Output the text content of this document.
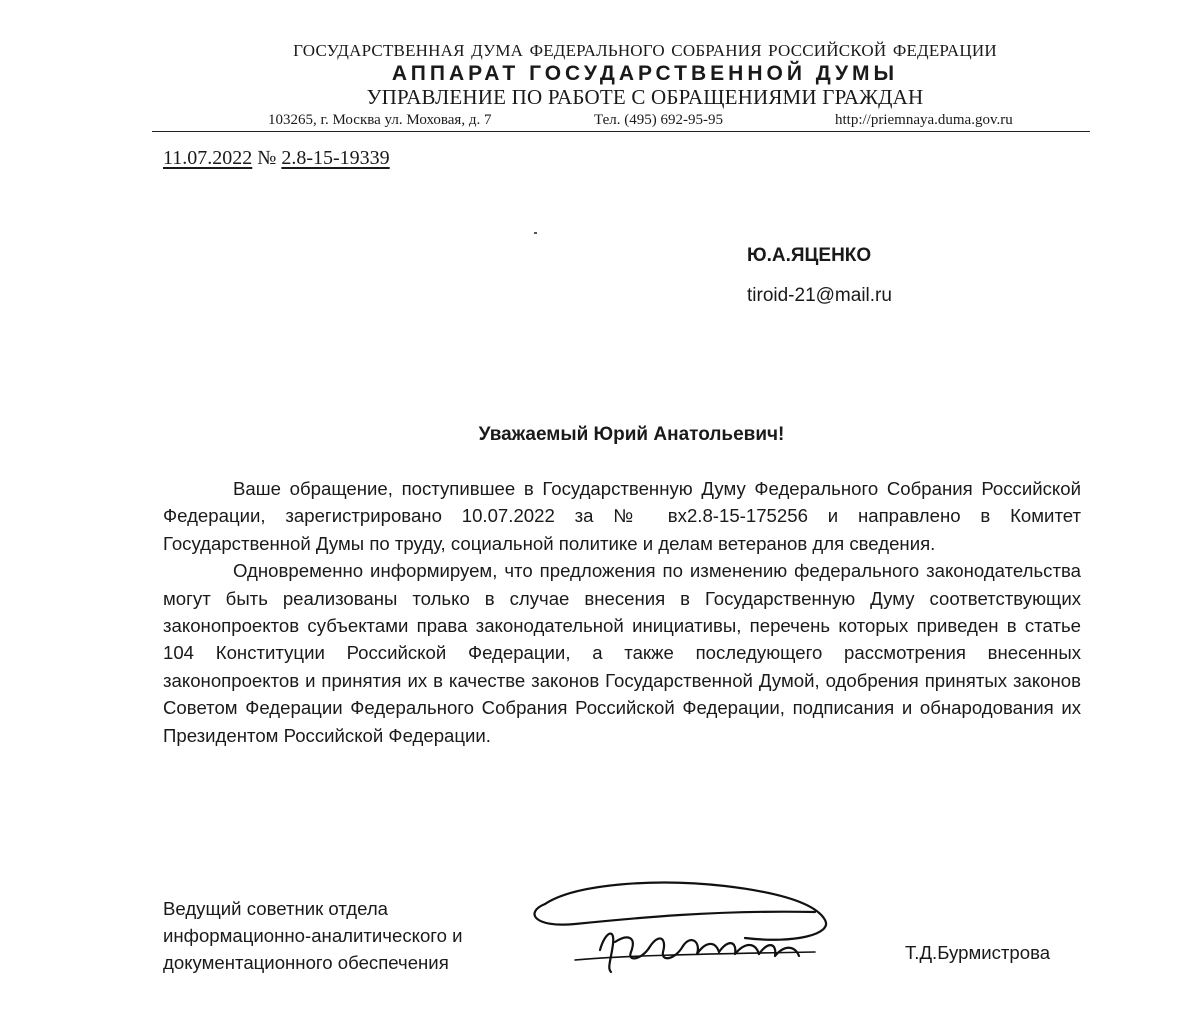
ГОСУДАРСТВЕННАЯ ДУМА ФЕДЕРАЛЬНОГО СОБРАНИЯ РОССИЙСКОЙ ФЕДЕРАЦИИ
АППАРАТ ГОСУДАРСТВЕННОЙ ДУМЫ
УПРАВЛЕНИЕ ПО РАБОТЕ С ОБРАЩЕНИЯМИ ГРАЖДАН
103265, г. Москва ул. Моховая, д. 7	Тел. (495) 692-95-95	http://priemnaya.duma.gov.ru
11.07.2022 № 2.8-15-19339
Ю.А.ЯЦЕНКО
tiroid-21@mail.ru
Уважаемый Юрий Анатольевич!

Ваше обращение, поступившее в Государственную Думу Федерального Собрания Российской Федерации, зарегистрировано 10.07.2022 за № вх2.8-15-175256 и направлено в Комитет Государственной Думы по труду, социальной политике и делам ветеранов для сведения.

Одновременно информируем, что предложения по изменению федерального законодательства могут быть реализованы только в случае внесения в Государственную Думу соответствующих законопроектов субъектами права законодательной инициативы, перечень которых приведен в статье 104 Конституции Российской Федерации, а также последующего рассмотрения внесенных законопроектов и принятия их в качестве законов Государственной Думой, одобрения принятых законов Советом Федерации Федерального Собрания Российской Федерации, подписания и обнародования их Президентом Российской Федерации.

Ведущий советник отдела
информационно-аналитического и
документационного обеспечения	Т.Д.Бурмистрова
